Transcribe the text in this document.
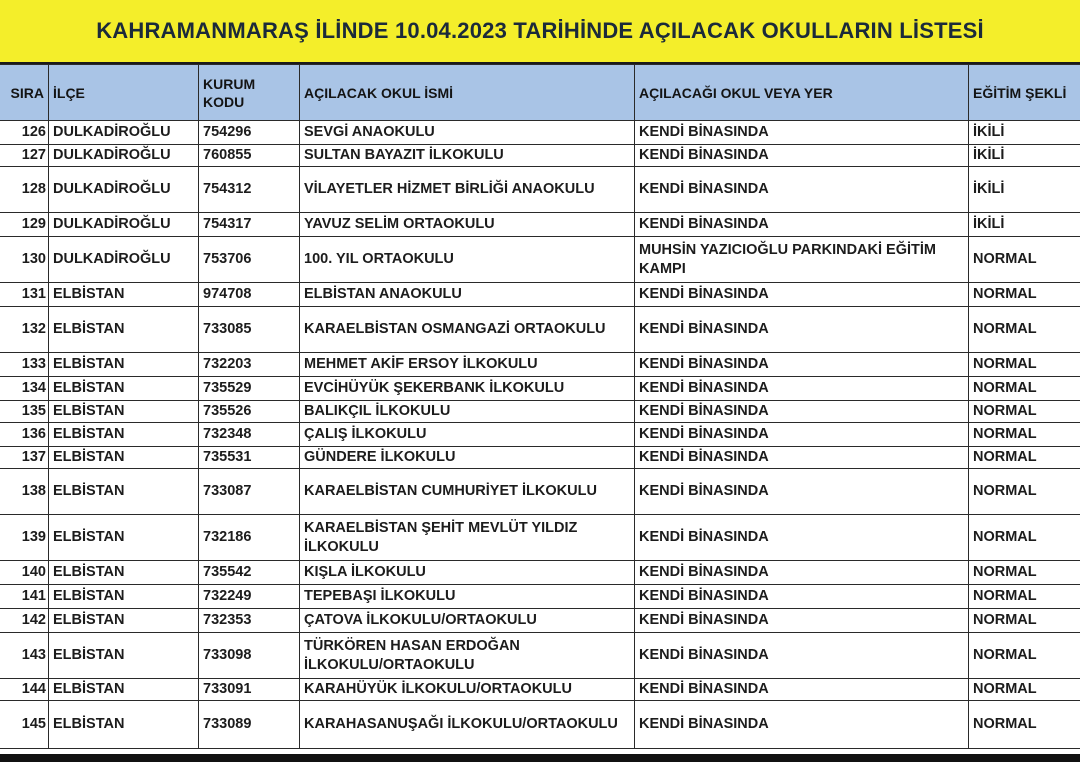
KAHRAMANMARAŞ İLİNDE 10.04.2023 TARİHİNDE AÇILACAK OKULLARIN LİSTESİ
SIRA	İLÇE	KURUM KODU	AÇILACAK OKUL İSMİ	AÇILACAĞI OKUL VEYA YER	EĞİTİM ŞEKLİ
126	DULKADİROĞLU	754296	SEVGİ ANAOKULU	KENDİ BİNASINDA	İKİLİ
127	DULKADİROĞLU	760855	SULTAN BAYAZIT İLKOKULU	KENDİ BİNASINDA	İKİLİ
128	DULKADİROĞLU	754312	VİLAYETLER HİZMET BİRLİĞİ ANAOKULU	KENDİ BİNASINDA	İKİLİ
129	DULKADİROĞLU	754317	YAVUZ SELİM ORTAOKULU	KENDİ BİNASINDA	İKİLİ
130	DULKADİROĞLU	753706	100. YIL ORTAOKULU	MUHSİN YAZICIOĞLU PARKINDAKİ EĞİTİM KAMPI	NORMAL
131	ELBİSTAN	974708	ELBİSTAN ANAOKULU	KENDİ BİNASINDA	NORMAL
132	ELBİSTAN	733085	KARAELBİSTAN OSMANGAZİ ORTAOKULU	KENDİ BİNASINDA	NORMAL
133	ELBİSTAN	732203	MEHMET AKİF ERSOY İLKOKULU	KENDİ BİNASINDA	NORMAL
134	ELBİSTAN	735529	EVCİHÜYÜK ŞEKERBANK İLKOKULU	KENDİ BİNASINDA	NORMAL
135	ELBİSTAN	735526	BALIKÇIL İLKOKULU	KENDİ BİNASINDA	NORMAL
136	ELBİSTAN	732348	ÇALIŞ İLKOKULU	KENDİ BİNASINDA	NORMAL
137	ELBİSTAN	735531	GÜNDERE İLKOKULU	KENDİ BİNASINDA	NORMAL
138	ELBİSTAN	733087	KARAELBİSTAN CUMHURİYET İLKOKULU	KENDİ BİNASINDA	NORMAL
139	ELBİSTAN	732186	KARAELBİSTAN ŞEHİT MEVLÜT YILDIZ İLKOKULU	KENDİ BİNASINDA	NORMAL
140	ELBİSTAN	735542	KIŞLA İLKOKULU	KENDİ BİNASINDA	NORMAL
141	ELBİSTAN	732249	TEPEBAŞI İLKOKULU	KENDİ BİNASINDA	NORMAL
142	ELBİSTAN	732353	ÇATOVA İLKOKULU/ORTAOKULU	KENDİ BİNASINDA	NORMAL
143	ELBİSTAN	733098	TÜRKÖREN HASAN ERDOĞAN İLKOKULU/ORTAOKULU	KENDİ BİNASINDA	NORMAL
144	ELBİSTAN	733091	KARAHÜYÜK İLKOKULU/ORTAOKULU	KENDİ BİNASINDA	NORMAL
145	ELBİSTAN	733089	KARAHASANUŞAĞI İLKOKULU/ORTAOKULU	KENDİ BİNASINDA	NORMAL
